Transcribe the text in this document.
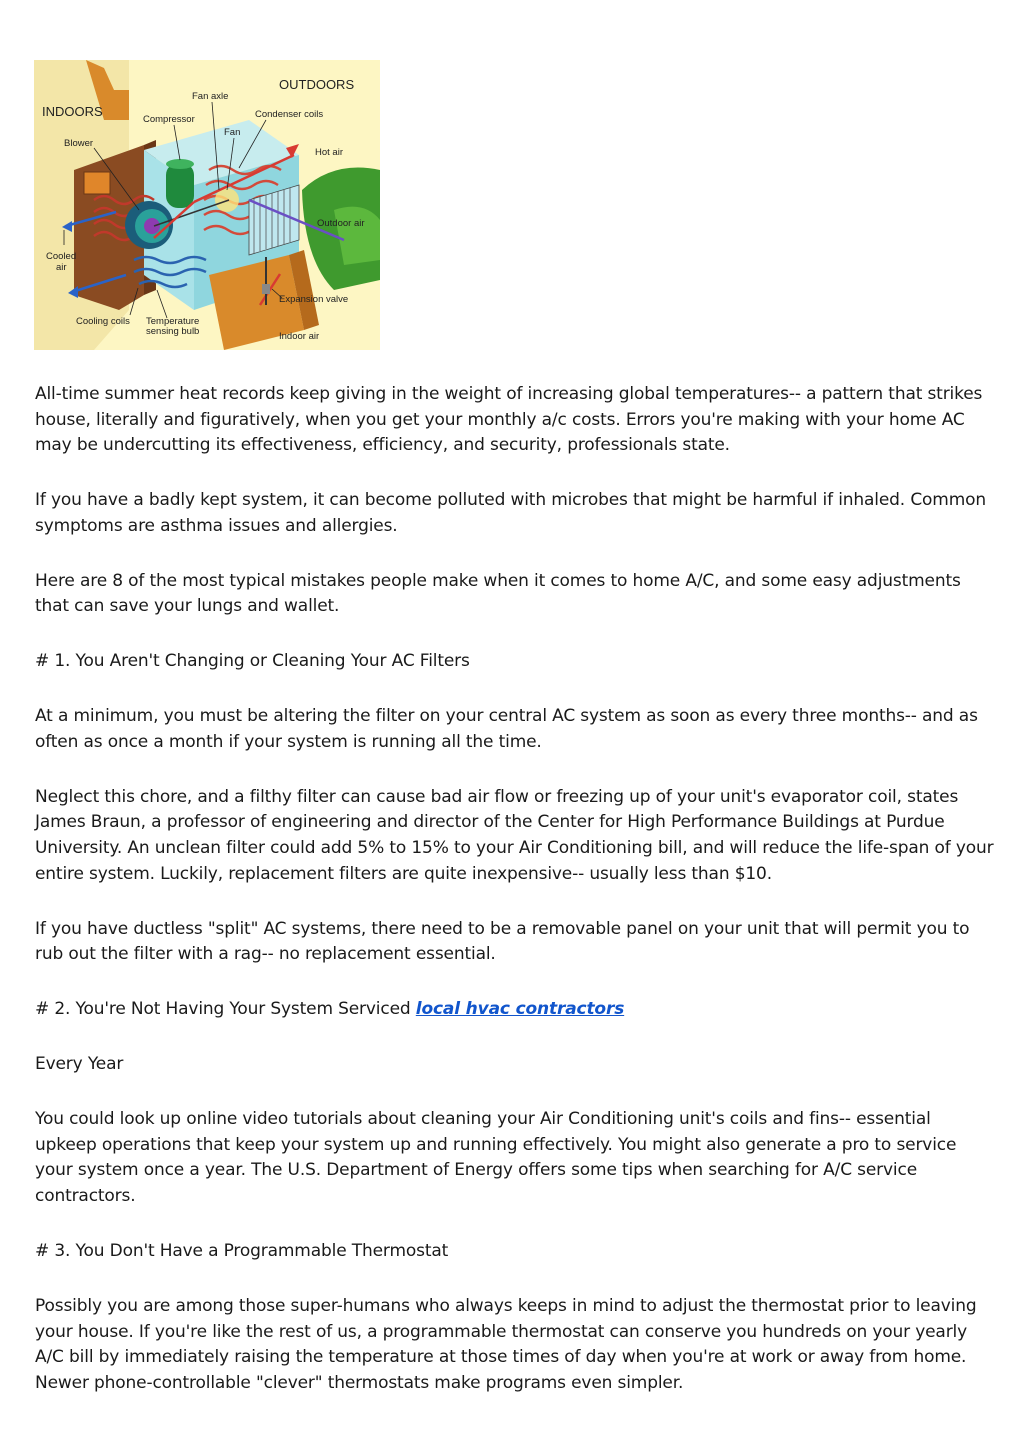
INDOORS
OUTDOORS
Fan axle
Compressor	Condenser coils
Fan
Blower
Hot air
Outdoor air
Cooled
air
Expansion valve
Cooling coils Temperature
sensing bulb	Indoor air

All-time summer heat records keep giving in the weight of increasing global temperatures-- a pattern that strikes house, literally and figuratively, when you get your monthly a/c costs. Errors you're making with your home AC may be undercutting its effectiveness, efficiency, and security, professionals state.

If you have a badly kept system, it can become polluted with microbes that might be harmful if inhaled. Common symptoms are asthma issues and allergies.

Here are 8 of the most typical mistakes people make when it comes to home A/C, and some easy adjustments that can save your lungs and wallet.

# 1. You Aren't Changing or Cleaning Your AC Filters

At a minimum, you must be altering the filter on your central AC system as soon as every three months-- and as often as once a month if your system is running all the time.

Neglect this chore, and a filthy filter can cause bad air flow or freezing up of your unit's evaporator coil, states James Braun, a professor of engineering and director of the Center for High Performance Buildings at Purdue University. An unclean filter could add 5% to 15% to your Air Conditioning bill, and will reduce the life-span of your entire system. Luckily, replacement filters are quite inexpensive-- usually less than $10.

If you have ductless "split" AC systems, there need to be a removable panel on your unit that will permit you to rub out the filter with a rag-- no replacement essential.

# 2. You're Not Having Your System Serviced local hvac contractors

Every Year

You could look up online video tutorials about cleaning your Air Conditioning unit's coils and fins-- essential upkeep operations that keep your system up and running effectively. You might also generate a pro to service your system once a year. The U.S. Department of Energy offers some tips when searching for A/C service contractors.

# 3. You Don't Have a Programmable Thermostat

Possibly you are among those super-humans who always keeps in mind to adjust the thermostat prior to leaving your house. If you're like the rest of us, a programmable thermostat can conserve you hundreds on your yearly A/C bill by immediately raising the temperature at those times of day when you're at work or away from home. Newer phone-controllable "clever" thermostats make programs even simpler.
